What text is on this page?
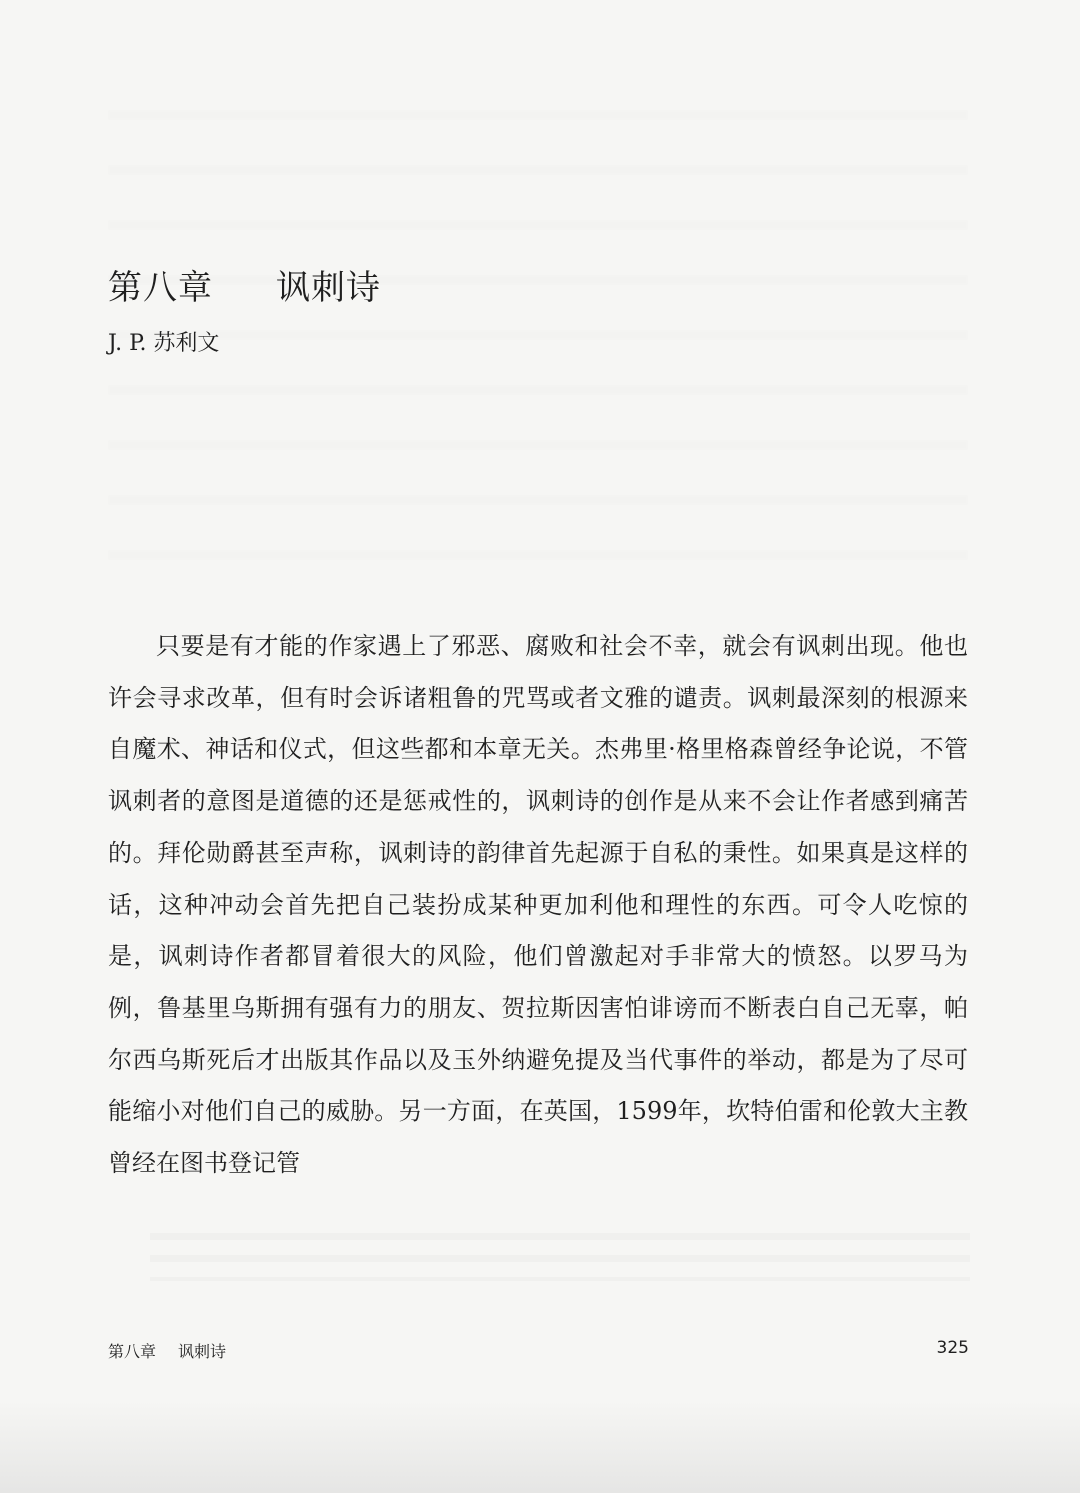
第八章 讽刺诗
J. P. 苏利文

只要是有才能的作家遇上了邪恶、腐败和社会不幸，就会有讽刺出现。他也许会寻求改革，但有时会诉诸粗鲁的咒骂或者文雅的谴责。讽刺最深刻的根源来自魔术、神话和仪式，但这些都和本章无关。杰弗里·格里格森曾经争论说，不管讽刺者的意图是道德的还是惩戒性的，讽刺诗的创作是从来不会让作者感到痛苦的。拜伦勋爵甚至声称，讽刺诗的韵律首先起源于自私的秉性。如果真是这样的话，这种冲动会首先把自己装扮成某种更加利他和理性的东西。可令人吃惊的是，讽刺诗作者都冒着很大的风险，他们曾激起对手非常大的愤怒。以罗马为例，鲁基里乌斯拥有强有力的朋友、贺拉斯因害怕诽谤而不断表白自己无辜，帕尔西乌斯死后才出版其作品以及玉外纳避免提及当代事件的举动，都是为了尽可能缩小对他们自己的威胁。另一方面，在英国，1599年，坎特伯雷和伦敦大主教曾经在图书登记管

第八章 讽刺诗	325
